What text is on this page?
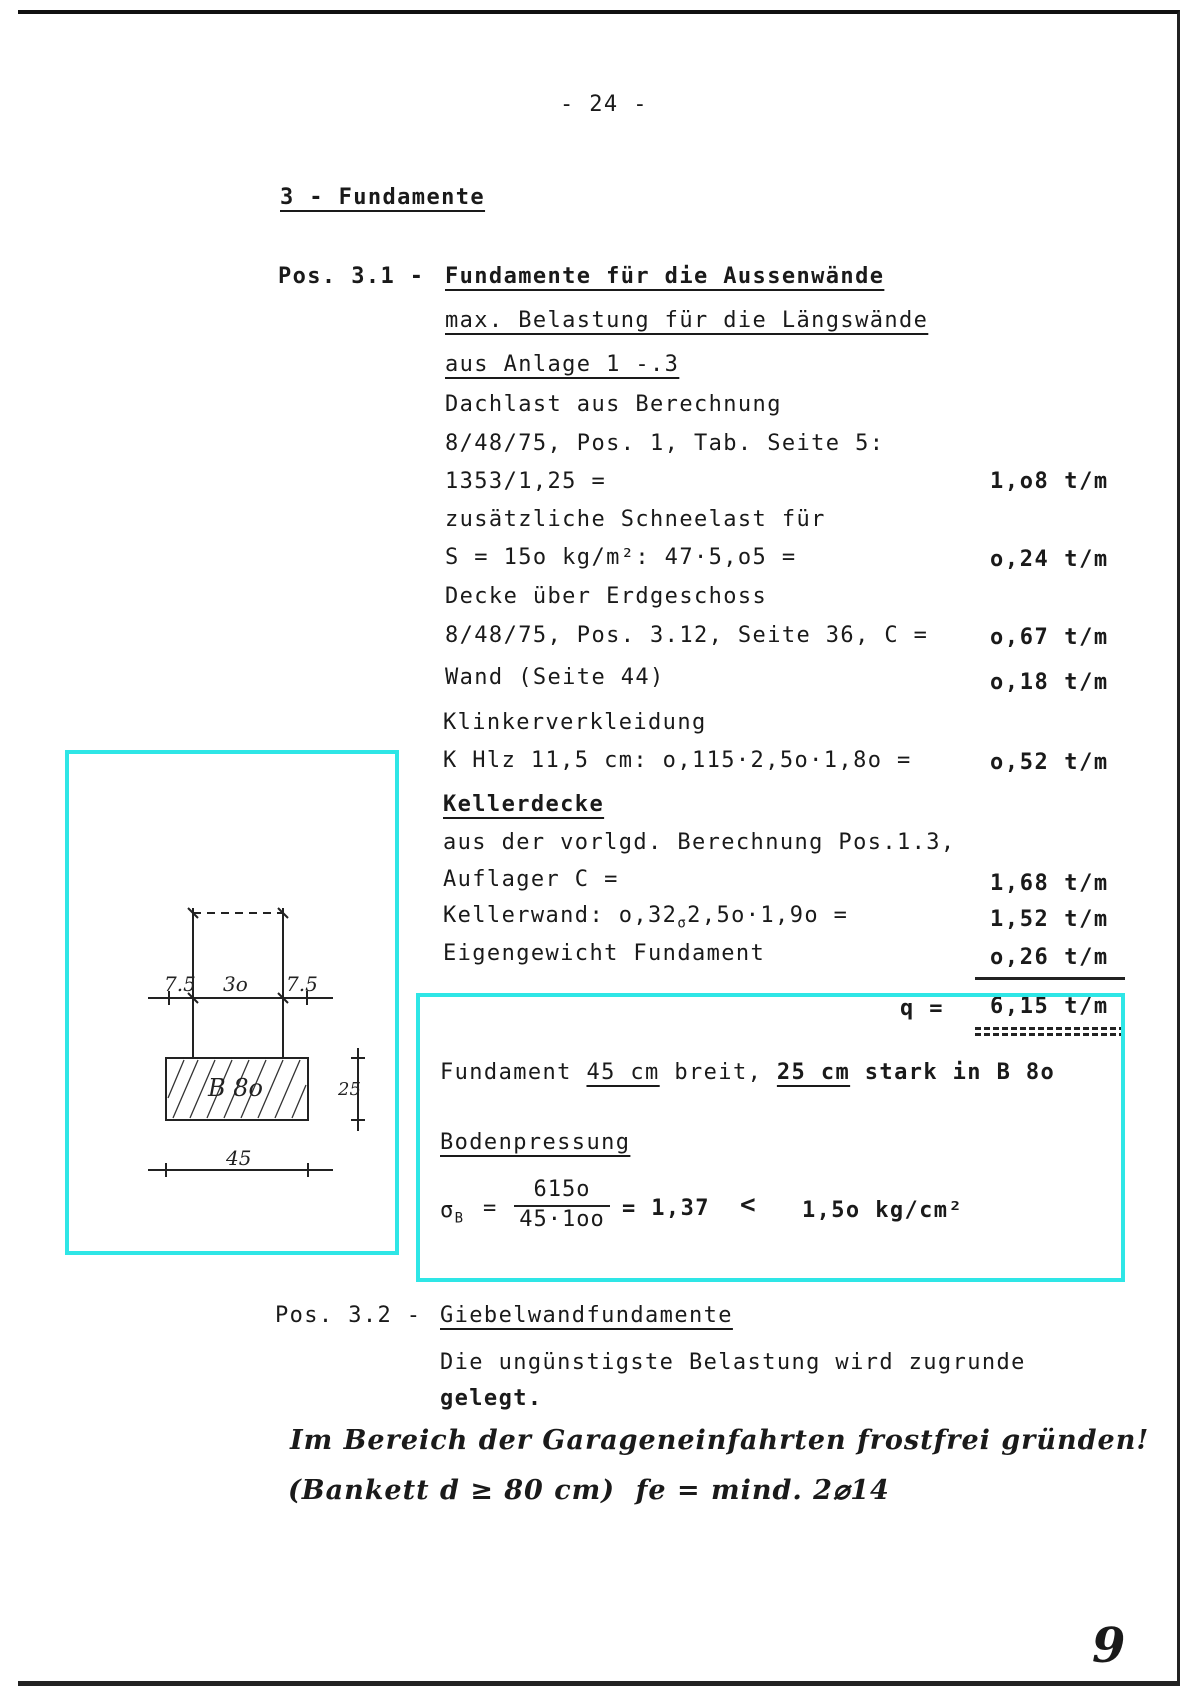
- 24 -
3 - Fundamente
Pos. 3.1 - Fundamente für die Aussenwände
max. Belastung für die Längswände
aus Anlage 1 -.3
Dachlast aus Berechnung
8/48/75, Pos. 1, Tab. Seite 5:
1353/1,25 =	1,o8 t/m
zusätzliche Schneelast für
S = 15o kg/m²: 47·5,o5 =	o,24 t/m
Decke über Erdgeschoss
8/48/75, Pos. 3.12, Seite 36, C =	o,67 t/m
Wand (Seite 44)	o,18 t/m
Klinkerverkleidung
K Hlz 11,5 cm: o,115·2,5o·1,8o =	o,52 t/m
Kellerdecke
aus der vorlgd. Berechnung Pos.1.3,
Auflager C =	1,68 t/m
Kellerwand: $o,32_\sigma 2,5o\cdot 1,9o$ =	1,52 t/m
Eigengewicht Fundament	o,26 t/m
q = 6,15 t/m
Fundament 45 cm breit, 25 cm stark in B 8o
Bodenpressung
$\sigma_B$ =
615o
45·1oo = 1,37 < 1,5o kg/cm²
7.5 3o 7.5
B 8o	25
45
Pos. 3.2 - Giebelwandfundamente
Die ungünstigste Belastung wird zugrunde
gelegt.
Im Bereich der Garageneinfahrten frostfrei gründen!
(Bankett d ≥ 80 cm)  fe = mind. 2⌀14
9
